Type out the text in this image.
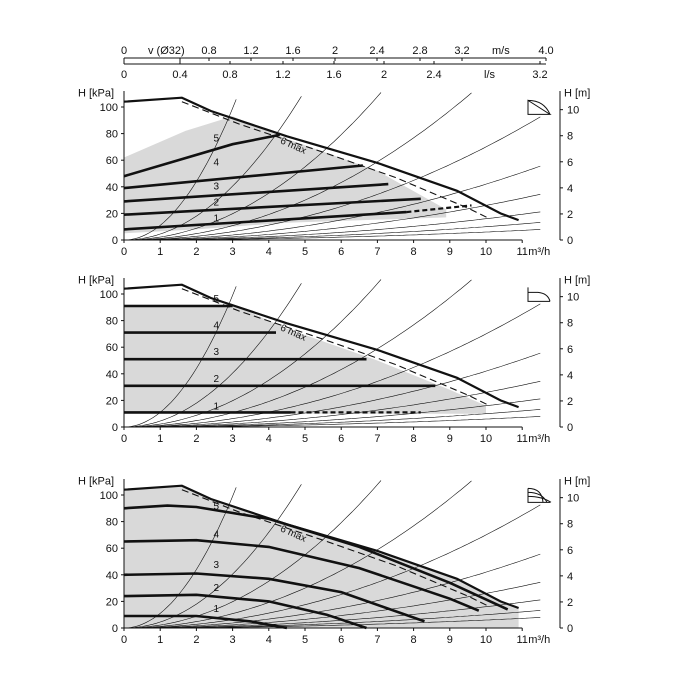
0	0.8 1.2 1.6	2	2.4	2.8 3.2	4.0
v (Ø32)	m/s
0	0.4	0.8	1.2	1.6	2	2.4	3.2
l/s
0	1	2	3	4	5	6	7	8	9 10 11 m³/h
0
20
40
60
80
100
H [kPa]
0
2
4
6
8
10
H [m]
1
2
3
4
5	6 max
0	1	2	3	4	5	6	7	8	9 10 11 m³/h
0
20
40
60
80
100
H [kPa]
0
2
4
6
8
10
H [m]
1
2
3
4
5
6 max
0	1	2	3	4	5	6	7	8	9 10 11 m³/h
0
20
40
60
80
100
H [kPa]
0
2
4
6
8
10
H [m]
1
2
3
4
5
6 max
